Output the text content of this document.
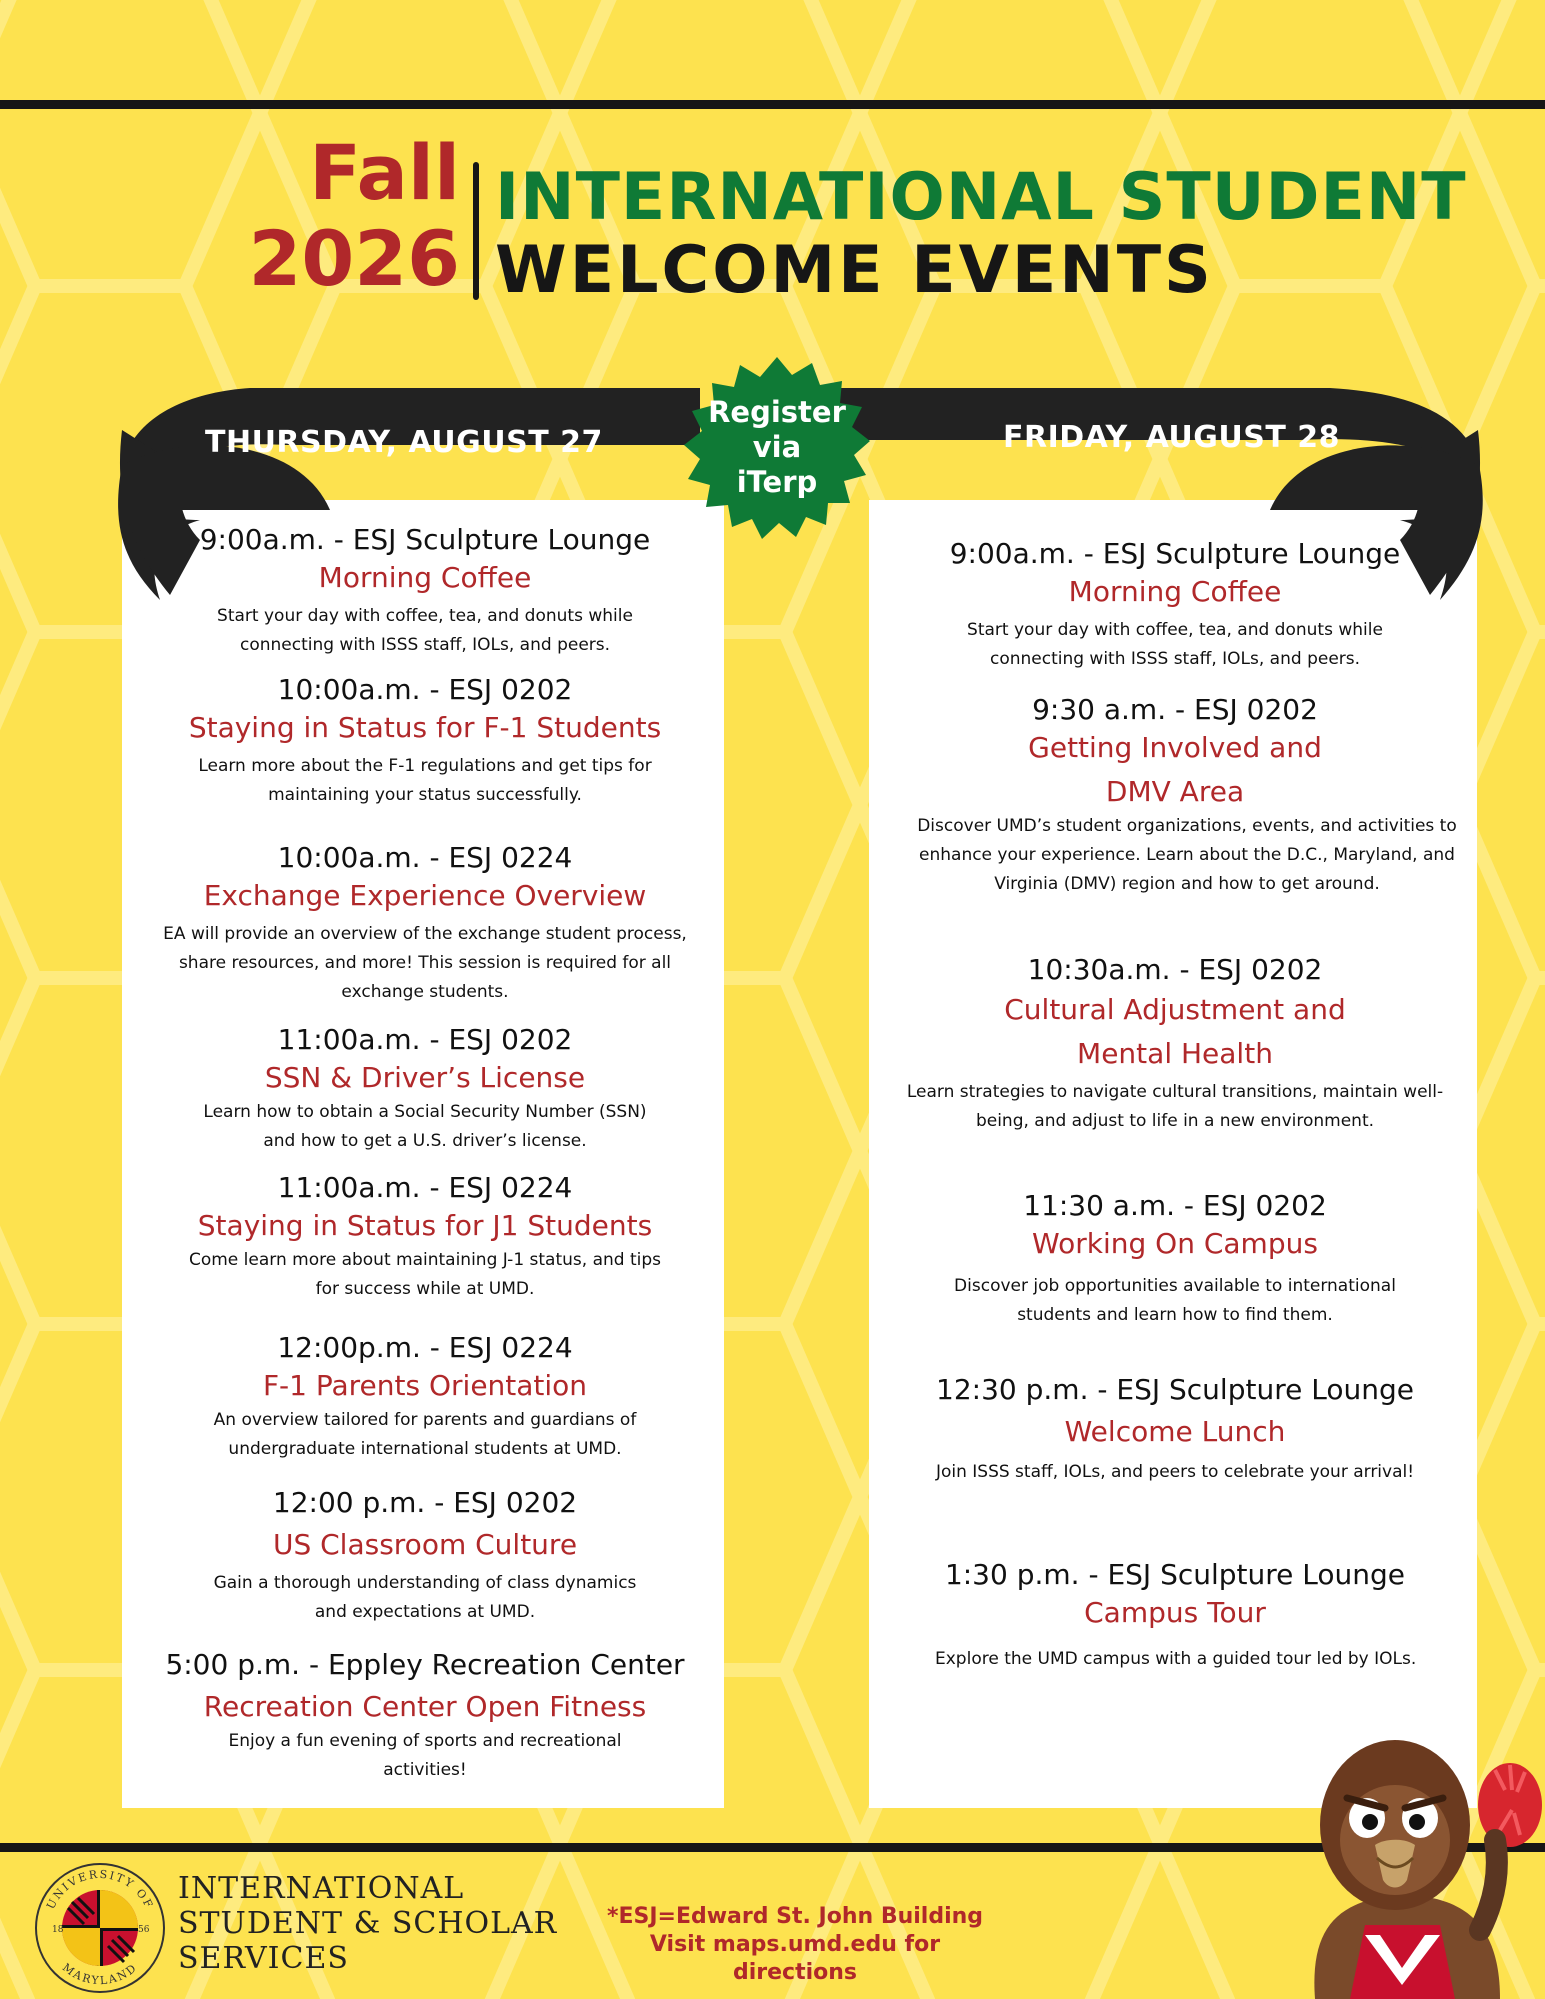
Fall
2026
INTERNATIONAL STUDENT
WELCOME EVENTS
THURSDAY, AUGUST 27	FRIDAY, AUGUST 28
Register
via
iTerp
9:00a.m. - ESJ Sculpture Lounge
Morning Coffee
Start your day with coffee, tea, and donuts while connecting with ISSS staff, IOLs, and peers.
10:00a.m. - ESJ 0202
Staying in Status for F-1 Students
Learn more about the F-1 regulations and get tips for maintaining your status successfully.
10:00a.m. - ESJ 0224
Exchange Experience Overview
EA will provide an overview of the exchange student process, share resources, and more! This session is required for all exchange students.
11:00a.m. - ESJ 0202
SSN & Driver’s License
Learn how to obtain a Social Security Number (SSN) and how to get a U.S. driver’s license.
11:00a.m. - ESJ 0224
Staying in Status for J1 Students
Come learn more about maintaining J-1 status, and tips for success while at UMD.
12:00p.m. - ESJ 0224
F-1 Parents Orientation
An overview tailored for parents and guardians of undergraduate international students at UMD.
12:00 p.m. - ESJ 0202
US Classroom Culture
Gain a thorough understanding of class dynamics and expectations at UMD.
5:00 p.m. - Eppley Recreation Center
Recreation Center Open Fitness
Enjoy a fun evening of sports and recreational activities!
9:00a.m. - ESJ Sculpture Lounge
Morning Coffee
Start your day with coffee, tea, and donuts while connecting with ISSS staff, IOLs, and peers.
9:30 a.m. - ESJ 0202
Getting Involved and
DMV Area
Discover UMD’s student organizations, events, and activities to enhance your experience. Learn about the D.C., Maryland, and Virginia (DMV) region and how to get around.
10:30a.m. - ESJ 0202
Cultural Adjustment and
Mental Health
Learn strategies to navigate cultural transitions, maintain well-being, and adjust to life in a new environment.
11:30 a.m. - ESJ 0202
Working On Campus
Discover job opportunities available to international students and learn how to find them.
12:30 p.m. - ESJ Sculpture Lounge
Welcome Lunch
Join ISSS staff, IOLs, and peers to celebrate your arrival!
1:30 p.m. - ESJ Sculpture Lounge
Campus Tour
Explore the UMD campus with a guided tour led by IOLs.
UNIVERSITY OF
MARYLAND
18	56
INTERNATIONAL
STUDENT & SCHOLAR
SERVICES
*ESJ=Edward St. John Building
Visit maps.umd.edu for directions
